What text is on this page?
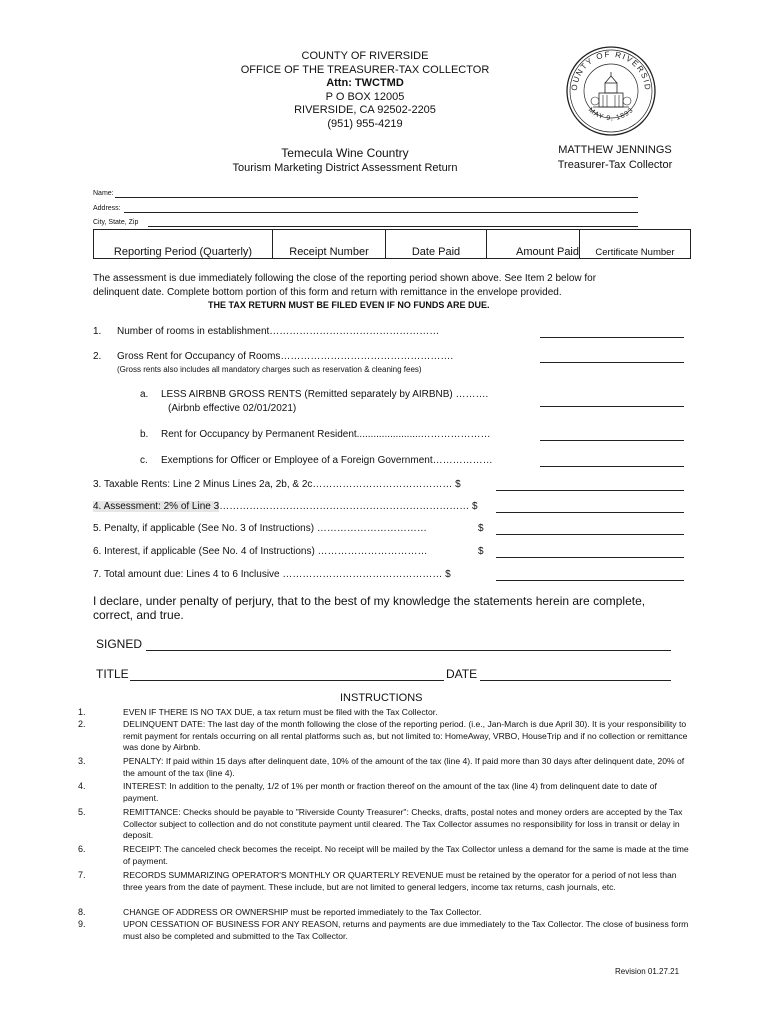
COUNTY OF RIVERSIDE
OFFICE OF THE TREASURER-TAX COLLECTOR
Attn: TWCTMD
P O BOX 12005
RIVERSIDE, CA 92502-2205
(951) 955-4219
OUNTY OF RIVERSID
MAY 9, 1893
Temecula Wine Country
Tourism Marketing District Assessment Return
MATTHEW JENNINGS
Treasurer-Tax Collector
Name:
Address:
City, State, Zip
Reporting Period (Quarterly)	Receipt Number	Date Paid	Amount Paid	Certificate Number
The assessment is due immediately following the close of the reporting period shown above. See Item 2 below for
delinquent date. Complete bottom portion of this form and return with remittance in the envelope provided.
THE TAX RETURN MUST BE FILED EVEN IF NO FUNDS ARE DUE.
1. Number of rooms in establishment……………………………………………
2. Gross Rent for Occupancy of Rooms…………………………………………….
(Gross rents also includes all mandatory charges such as reservation & cleaning fees)
a. LESS AIRBNB GROSS RENTS (Remitted separately by AIRBNB) ……….
(Airbnb effective 02/01/2021)
b. Rent for Occupancy by Permanent Resident.......................…………………
c. Exemptions for Officer or Employee of a Foreign Government………………
3. Taxable Rents: Line 2 Minus Lines 2a, 2b, & 2c…………………………………… $
4. Assessment: 2% of Line 3………………………………………………………………… $
5. Penalty, if applicable (See No. 3 of Instructions) ……………………………	$
6. Interest, if applicable (See No. 4 of Instructions) ……………………………	$
7. Total amount due: Lines 4 to 6 Inclusive ………………………………………… $
I declare, under penalty of perjury, that to the best of my knowledge the statements herein are complete,
correct, and true.
SIGNED
TITLE	DATE
INSTRUCTIONS
1.	EVEN IF THERE IS NO TAX DUE, a tax return must be filed with the Tax Collector.
2.	DELINQUENT DATE: The last day of the month following the close of the reporting period. (i.e., Jan-March is due April 30). It is your responsibility to remit payment for rentals occurring on all rental platforms such as, but not limited to: HomeAway, VRBO, HouseTrip and if no collection or remittance was done by Airbnb.
3.	PENALTY: If paid within 15 days after delinquent date, 10% of the amount of the tax (line 4). If paid more than 30 days after delinquent date, 20% of the amount of the tax (line 4).
4.	INTEREST: In addition to the penalty, 1/2 of 1% per month or fraction thereof on the amount of the tax (line 4) from delinquent date to date of payment.
5.	REMITTANCE: Checks should be payable to "Riverside County Treasurer": Checks, drafts, postal notes and money orders are accepted by the Tax Collector subject to collection and do not constitute payment until cleared. The Tax Collector assumes no responsibility for loss in transit or delay in deposit.
6.	RECEIPT: The canceled check becomes the receipt. No receipt will be mailed by the Tax Collector unless a demand for the same is made at the time of payment.
7.	RECORDS SUMMARIZING OPERATOR'S MONTHLY OR QUARTERLY REVENUE must be retained by the operator for a period of not less than three years from the date of payment. These include, but are not limited to general ledgers, income tax returns, cash journals, etc.
8.	CHANGE OF ADDRESS OR OWNERSHIP must be reported immediately to the Tax Collector.
9.	UPON CESSATION OF BUSINESS FOR ANY REASON, returns and payments are due immediately to the Tax Collector. The close of business form must also be completed and submitted to the Tax Collector.
Revision 01.27.21
